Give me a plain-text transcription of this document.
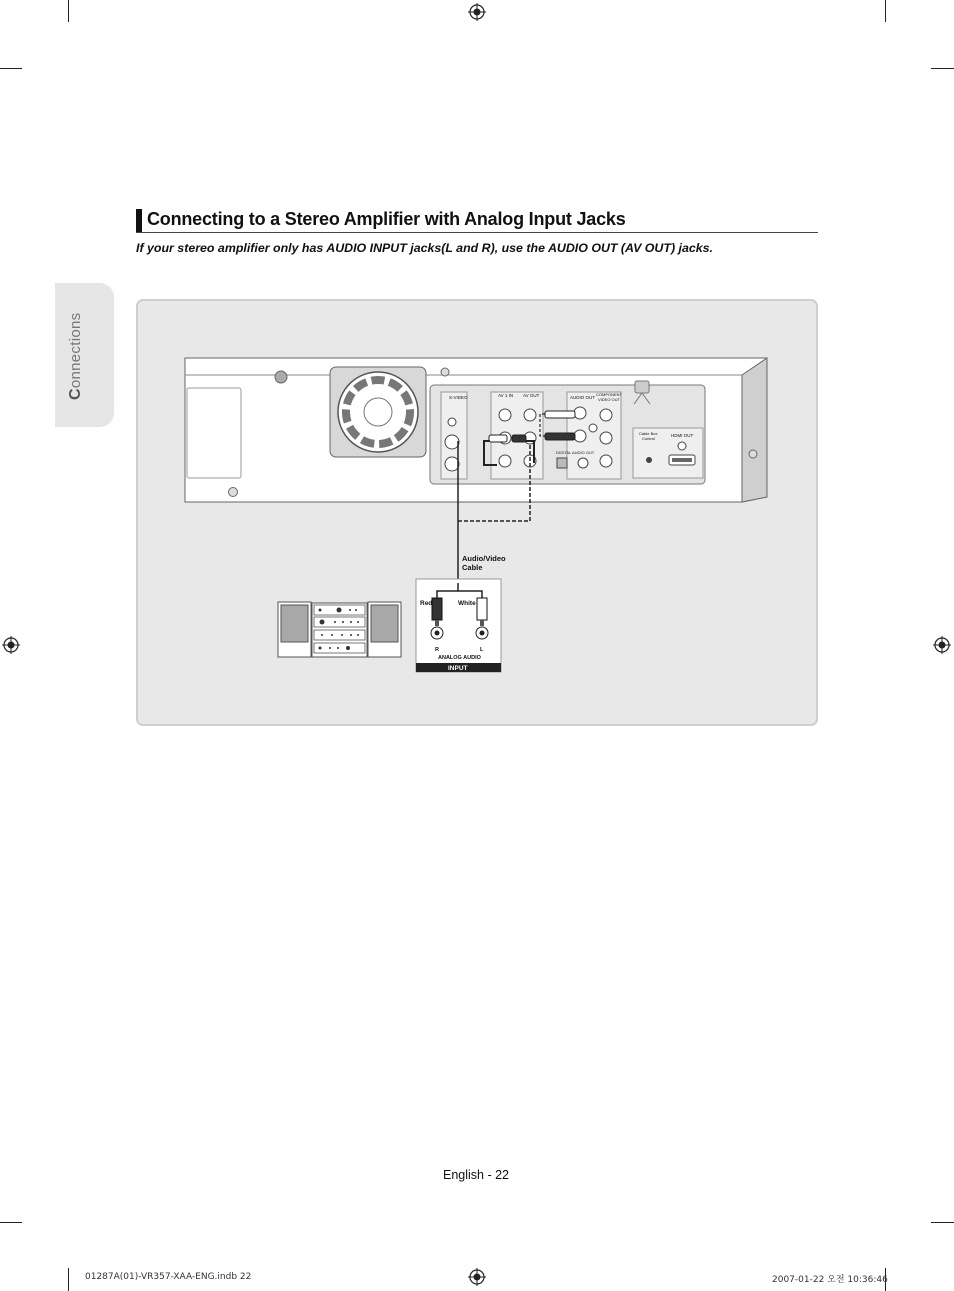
Connections
Connecting to a Stereo Amplifier with Analog Input Jacks
If your stereo amplifier only has AUDIO INPUT jacks(L and R), use the AUDIO OUT (AV OUT) jacks.
S-VIDEO	AV 1 IN AV OUT	AUDIO OUT
COMPONENT
VIDEO OUT
DIGITAL AUDIO OUT
Cable Box
Control
HDMI OUT
Audio/Video
Cable
Red	White
R	L
ANALOG AUDIO
INPUT
English - 22
01287A(01)-VR357-XAA-ENG.indb 22	2007-01-22 오전 10:36:46
